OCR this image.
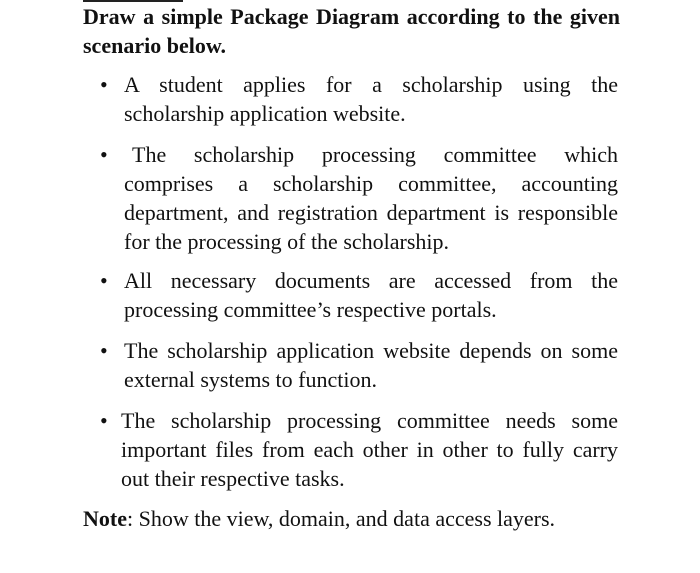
Draw a simple Package Diagram according to the given scenario below.

• A student applies for a scholarship using the scholarship application website.
•	The scholarship processing committee which comprises a scholarship committee, accounting department, and registration department is responsible for the processing of the scholarship.
• All necessary documents are accessed from the processing committee’s respective portals.
• The scholarship application website depends on some external systems to function.
• The scholarship processing committee needs some important files from each other in other to fully carry out their respective tasks.

Note: Show the view, domain, and data access layers.
